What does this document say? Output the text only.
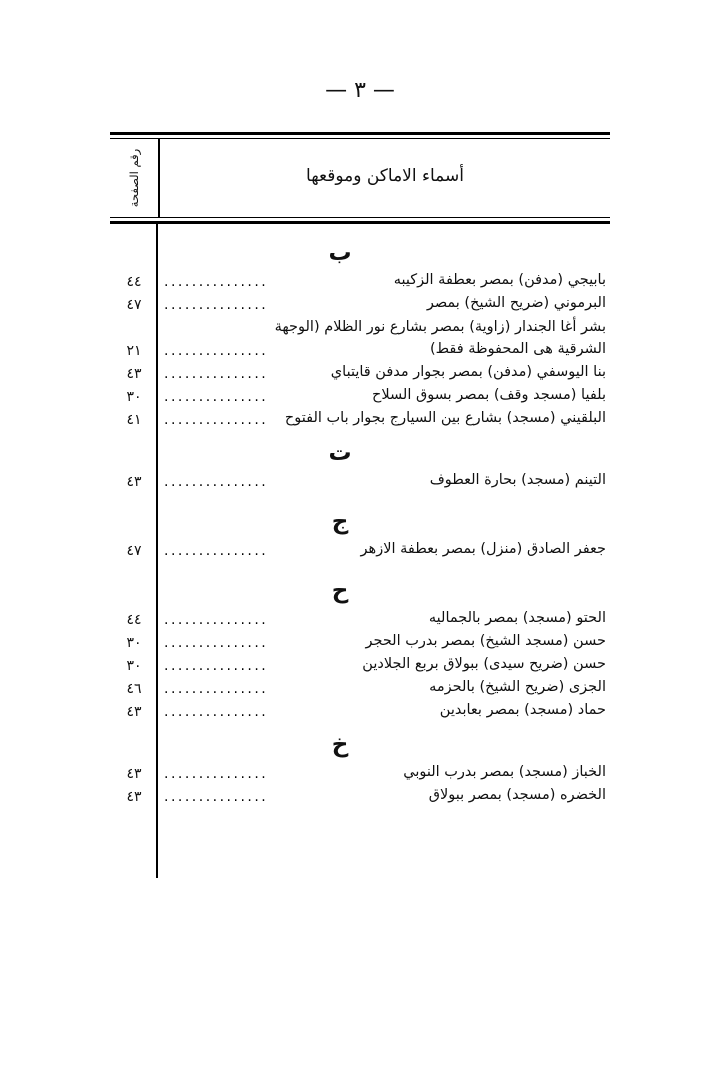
— ٣ —
أسماء الاماكن وموقعها
رقم الصفحة
ب
بابيجي (مدفن) بمصر بعطفة الزكيبه
...............
٤٤
البرموني (ضريح الشيخ) بمصر
...............
٤٧
بشر أغا الجندار (زاوية) بمصر بشارع نور الظلام (الوجهة الشرقية هى المحفوظة فقط)
...............
٢١
بنا اليوسفي (مدفن) بمصر بجوار مدفن قايتباي
...............
٤٣
بلفيا (مسجد وقف) بمصر بسوق السلاح
...............
٣٠
البلقيني (مسجد) بشارع بين السيارج بجوار باب الفتوح
...............
٤١
ت
التينم (مسجد) بحارة العطوف
...............
٤٣
ج
جعفر الصادق (منزل) بمصر بعطفة الازهر
...............
٤٧
ح
الحتو (مسجد) بمصر بالجماليه
...............
٤٤
حسن (مسجد الشيخ) بمصر بدرب الحجر
...............
٣٠
حسن (ضريح سيدى) ببولاق بربع الجلادين
...............
٣٠
الجزى (ضريح الشيخ) بالحزمه
...............
٤٦
حماد (مسجد) بمصر بعابدين
...............
٤٣
خ
الخباز (مسجد) بمصر بدرب النوبي
...............
٤٣
الخضره (مسجد) بمصر ببولاق
...............
٤٣
